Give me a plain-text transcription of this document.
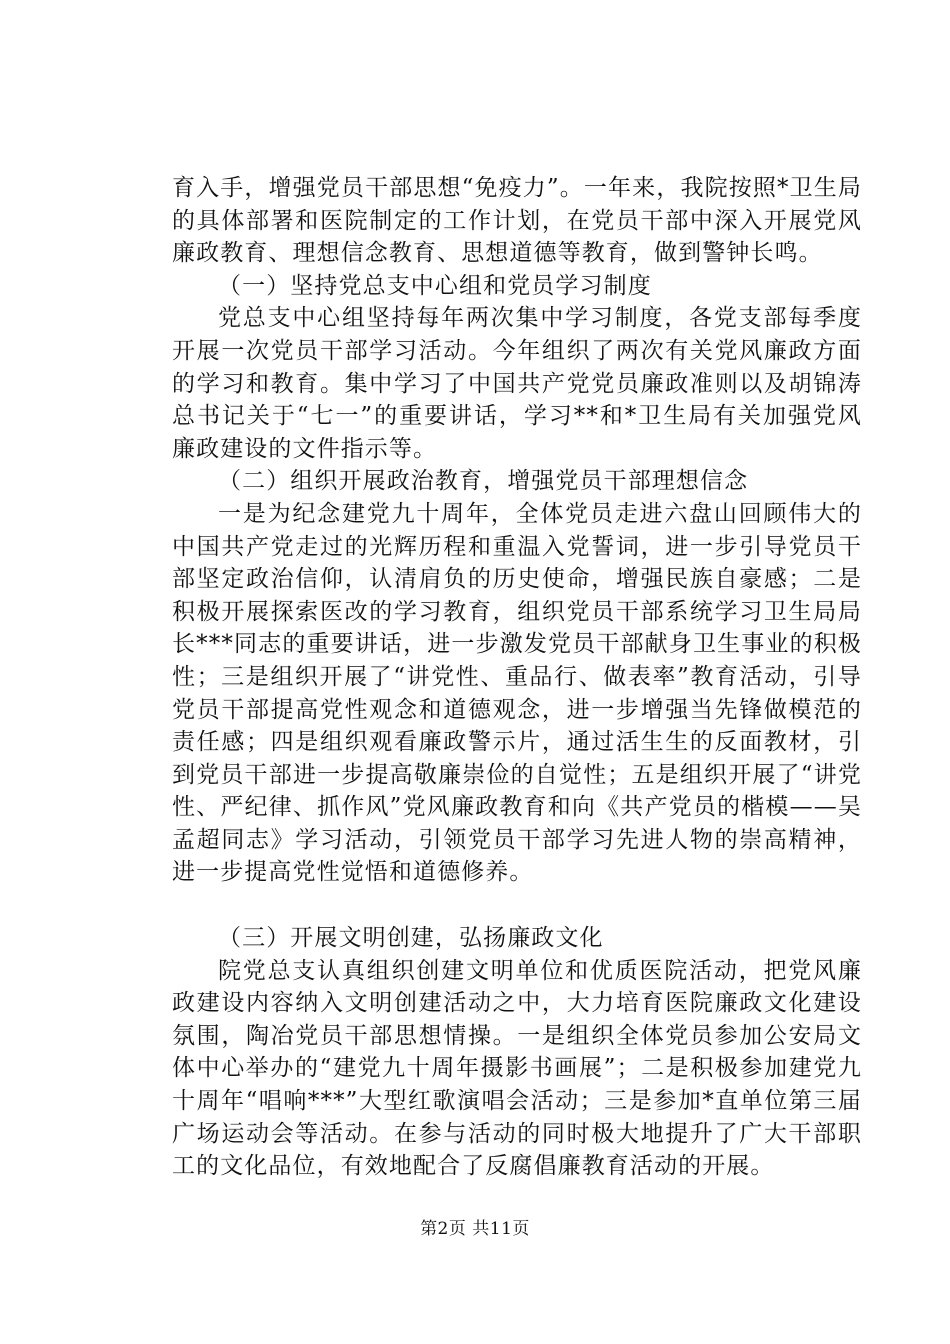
育入手，增强党员干部思想“免疫力”。一年来，我院按照*卫生局的具体部署和医院制定的工作计划，在党员干部中深入开展党风廉政教育、理想信念教育、思想道德等教育，做到警钟长鸣。

（一）坚持党总支中心组和党员学习制度

党总支中心组坚持每年两次集中学习制度，各党支部每季度开展一次党员干部学习活动。今年组织了两次有关党风廉政方面的学习和教育。集中学习了中国共产党党员廉政准则以及胡锦涛总书记关于“七一”的重要讲话，学习**和*卫生局有关加强党风廉政建设的文件指示等。

（二）组织开展政治教育，增强党员干部理想信念

一是为纪念建党九十周年，全体党员走进六盘山回顾伟大的中国共产党走过的光辉历程和重温入党誓词，进一步引导党员干部坚定政治信仰，认清肩负的历史使命，增强民族自豪感；二是积极开展探索医改的学习教育，组织党员干部系统学习卫生局局长***同志的重要讲话，进一步激发党员干部献身卫生事业的积极性；三是组织开展了“讲党性、重品行、做表率”教育活动，引导党员干部提高党性观念和道德观念，进一步增强当先锋做模范的责任感；四是组织观看廉政警示片，通过活生生的反面教材，引到党员干部进一步提高敬廉崇俭的自觉性；五是组织开展了“讲党性、严纪律、抓作风”党风廉政教育和向《共产党员的楷模——吴孟超同志》学习活动，引领党员干部学习先进人物的崇高精神，进一步提高党性觉悟和道德修养。

（三）开展文明创建，弘扬廉政文化

院党总支认真组织创建文明单位和优质医院活动，把党风廉政建设内容纳入文明创建活动之中，大力培育医院廉政文化建设氛围，陶冶党员干部思想情操。一是组织全体党员参加公安局文体中心举办的“建党九十周年摄影书画展”；二是积极参加建党九十周年“唱响***”大型红歌演唱会活动；三是参加*直单位第三届广场运动会等活动。在参与活动的同时极大地提升了广大干部职工的文化品位，有效地配合了反腐倡廉教育活动的开展。

第2页 共11页
